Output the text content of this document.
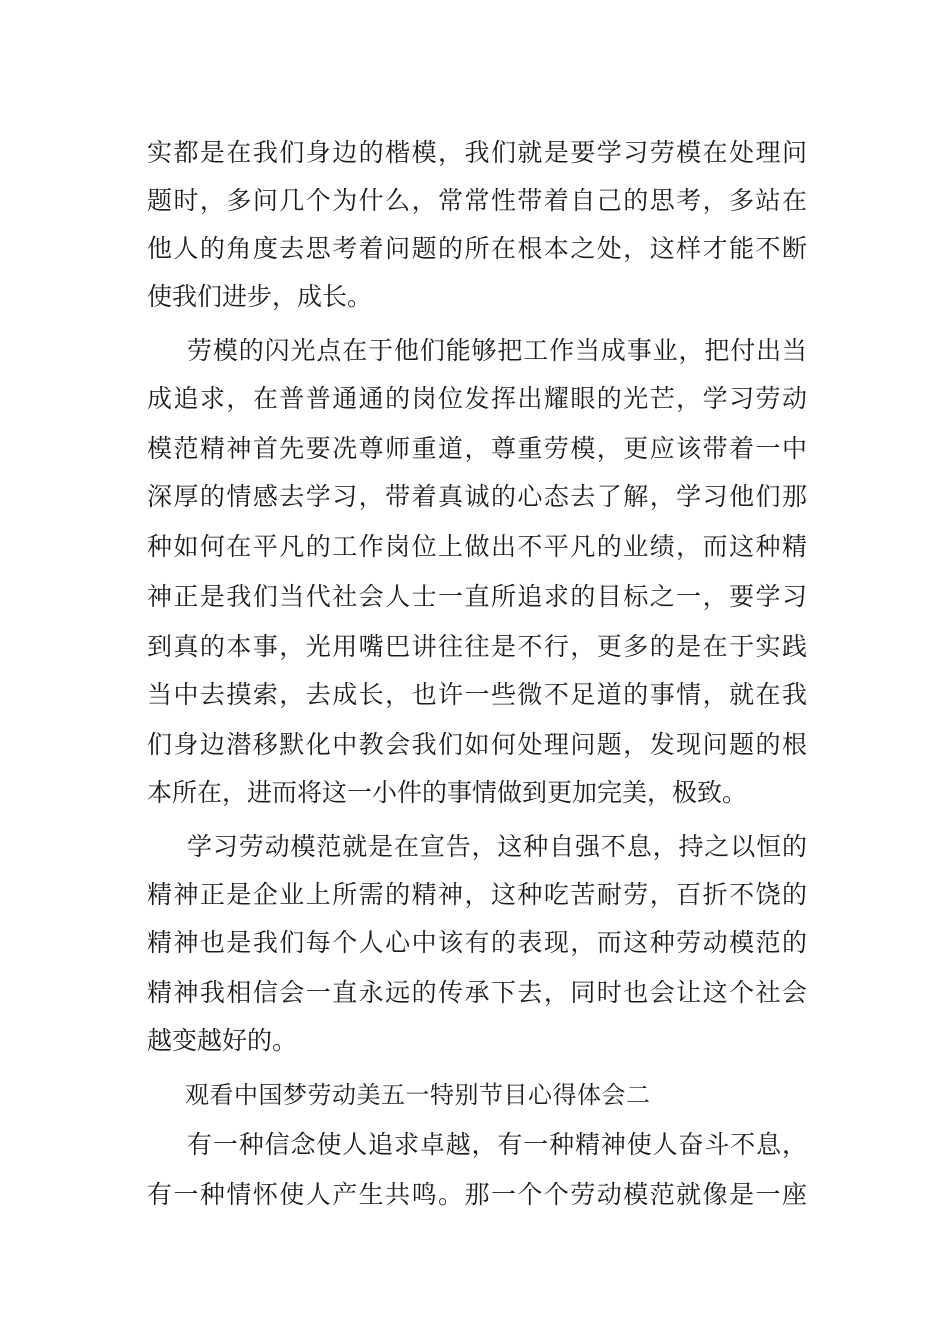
实都是在我们身边的楷模，我们就是要学习劳模在处理问
题时，多问几个为什么，常常性带着自己的思考，多站在
他人的角度去思考着问题的所在根本之处，这样才能不断
使我们进步，成长。
劳模的闪光点在于他们能够把工作当成事业，把付出当
成追求，在普普通通的岗位发挥出耀眼的光芒，学习劳动
模范精神首先要冼尊师重道，尊重劳模，更应该带着一中
深厚的情感去学习，带着真诚的心态去了解，学习他们那
种如何在平凡的工作岗位上做出不平凡的业绩，而这种精
神正是我们当代社会人士一直所追求的目标之一，要学习
到真的本事，光用嘴巴讲往往是不行，更多的是在于实践
当中去摸索，去成长，也许一些微不足道的事情，就在我
们身边潜移默化中教会我们如何处理问题，发现问题的根
本所在，进而将这一小件的事情做到更加完美，极致。
学习劳动模范就是在宣告，这种自强不息，持之以恒的
精神正是企业上所需的精神，这种吃苦耐劳，百折不饶的
精神也是我们每个人心中该有的表现，而这种劳动模范的
精神我相信会一直永远的传承下去，同时也会让这个社会
越变越好的。
观看中国梦劳动美五一特别节目心得体会二
有一种信念使人追求卓越，有一种精神使人奋斗不息，
有一种情怀使人产生共鸣。那一个个劳动模范就像是一座
